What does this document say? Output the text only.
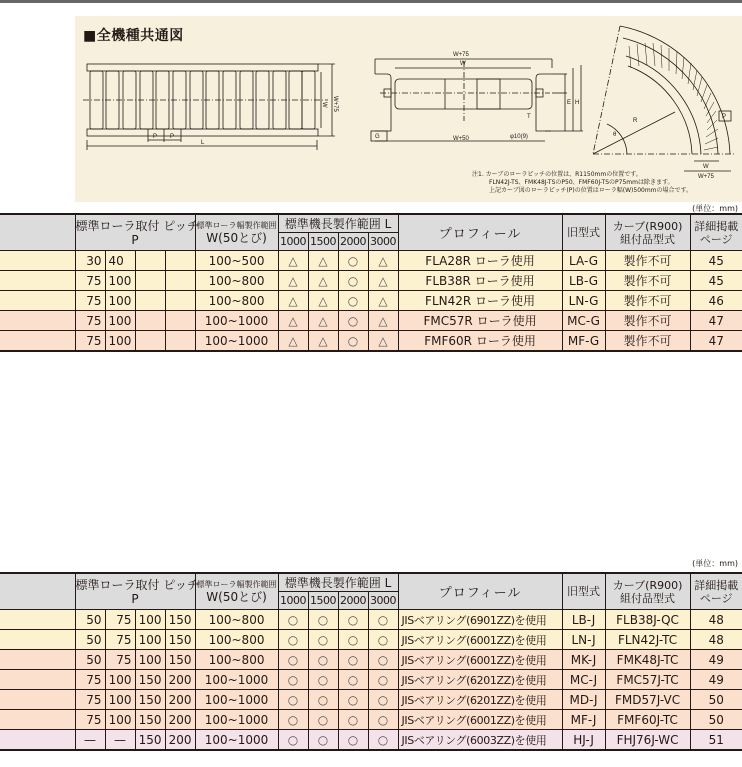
■全機種共通図
P P
L
W W+75
W+75
W
W+50
G	φ10(9)
H
E
T
R
θ
W
W+75
P
注1. カーブのローラピッチの位置は、R1150mmの位置です。
FLN42J-TS、FMK48J-TSのP50、FMF60J-TSのP75mmは除きます。
上記カーブ図のローラピッチ(P)の位置はローラ幅(W)500mmの場合です。
(単位：mm)
	標準ローラ取付 ピッチ
P				標準ローラ幅製作範囲
W(50とび)	標準機長製作範囲 L				プロフィール	旧型式	カーブ(R900)
組付品型式	詳細掲載
ページ
						1000	1500	2000	3000				
	30	40			100~500	△	△	○	△	FLA28R ローラ使用	LA-G	製作不可	45
	75	100			100~800	△	△	○	△	FLB38R ローラ使用	LB-G	製作不可	45
	75	100			100~800	△	△	○	△	FLN42R ローラ使用	LN-G	製作不可	46
	75	100			100~1000	△	△	○	△	FMC57R ローラ使用	MC-G	製作不可	47
	75	100			100~1000	△	△	○	△	FMF60R ローラ使用	MF-G	製作不可	47
(単位：mm)
	標準ローラ取付 ピッチ
P				標準ローラ幅製作範囲
W(50とび)	標準機長製作範囲 L				プロフィール	旧型式	カーブ(R900)
組付品型式	詳細掲載
ページ
						1000	1500	2000	3000				
	50	75	100	150	100~800	○	○	○	○	JISベアリング(6901ZZ)を使用	LB-J	FLB38J-QC	48
	50	75	100	150	100~800	○	○	○	○	JISベアリング(6001ZZ)を使用	LN-J	FLN42J-TC	48
	50	75	100	150	100~800	○	○	○	○	JISベアリング(6001ZZ)を使用	MK-J	FMK48J-TC	49
	75	100	150	200	100~1000	○	○	○	○	JISベアリング(6201ZZ)を使用	MC-J	FMC57J-TC	49
	75	100	150	200	100~1000	○	○	○	○	JISベアリング(6201ZZ)を使用	MD-J	FMD57J-VC	50
	75	100	150	200	100~1000	○	○	○	○	JISベアリング(6001ZZ)を使用	MF-J	FMF60J-TC	50
	—	—	150	200	100~1000	○	○	○	○	JISベアリング(6003ZZ)を使用	HJ-J	FHJ76J-WC	51
